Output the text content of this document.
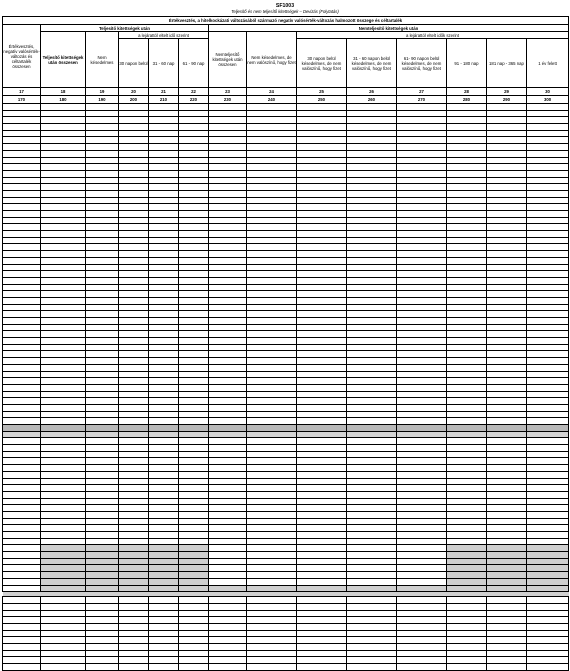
SF1003
Teljesítő és nem teljesítő kitettségek – Devizás (Folytatás)
Értékvesztés, a hitelkockázati változásából származó negatív valósérték-változás halmozott összege és céltartalék													
Értékvesztés, negatív valósérték-változás és céltartalék összesen	Teljesítő kitettségek után					Nemteljesítő kitettségek után							
	Teljesítő kitettségek után összesen	Nem késedelmes	a lejárattól eltelt idő szerint			Nemteljesítő kitettségek után összesen	Nem késedelmes, de nem valószínű, hogy fizet	a lejárattól eltelt idők szerint					
			30 napon belül	31 - 60 nap	61 - 90 nap			30 napon belül késedelmes, de nem valószínű, hogy fizet	31 - 60 napon belül késedelmes, de nem valószínű, hogy fizet	61- 90 napon belül késedelmes, de nem valószínű, hogy fizet	91 - 180 nap	181 nap - 365 nap	1 év felett
17	18	19	20	21	22	23	24	25	26	27	28	29	30
170	180	190	200	210	220	230	240	250	260	270	280	290	300
